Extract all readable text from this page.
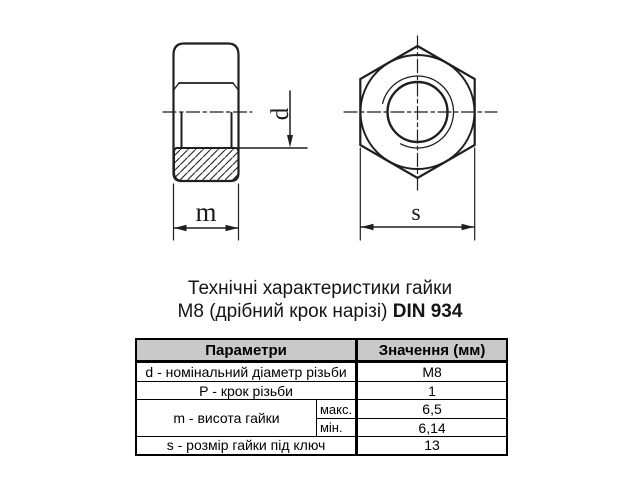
d
m	s
Технічні характеристики гайки
М8 (дрібний крок нарізі) DIN 934
Параметри		Значення (мм)
d - номінальний діаметр різьби		М8
Р - крок різьби		1
m - висота гайки	макс.	6,5
	мін.	6,14
s - розмір гайки під ключ		13
